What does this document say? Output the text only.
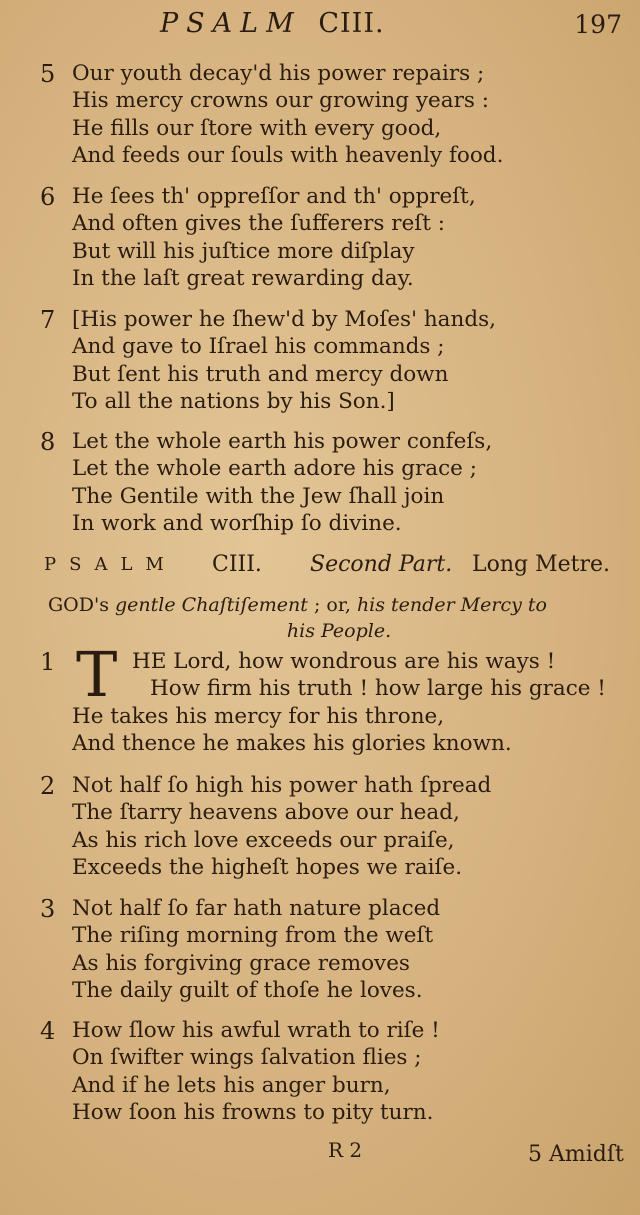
PSALM CIII.	197
5 Our youth decay'd his power repairs ;
His mercy crowns our growing years :
He fills our ſtore with every good,
And feeds our ſouls with heavenly food.
6 He ſees th' oppreſſor and th' oppreſt,
And often gives the ſufferers reſt :
But will his juſtice more diſplay
In the laſt great rewarding day.
7 [His power he ſhew'd by Moſes' hands,
And gave to Iſrael his commands ;
But ſent his truth and mercy down
To all the nations by his Son.]
8 Let the whole earth his power confeſs,
Let the whole earth adore his grace ;
The Gentile with the Jew ſhall join
In work and worſhip ſo divine.
PSALM CIII. Second Part. Long Metre.
GOD's gentle Chaſtiſement ; or, his tender Mercy to
his People.
1 T HE Lord, how wondrous are his ways !
How firm his truth ! how large his grace !
He takes his mercy for his throne,
And thence he makes his glories known.
2 Not half ſo high his power hath ſpread
The ſtarry heavens above our head,
As his rich love exceeds our praiſe,
Exceeds the higheſt hopes we raiſe.
3 Not half ſo far hath nature placed
The riſing morning from the weſt
As his forgiving grace removes
The daily guilt of thoſe he loves.
4 How ſlow his awful wrath to riſe !
On ſwifter wings ſalvation flies ;
And if he lets his anger burn,
How ſoon his frowns to pity turn.
R 2	5 Amidſt
